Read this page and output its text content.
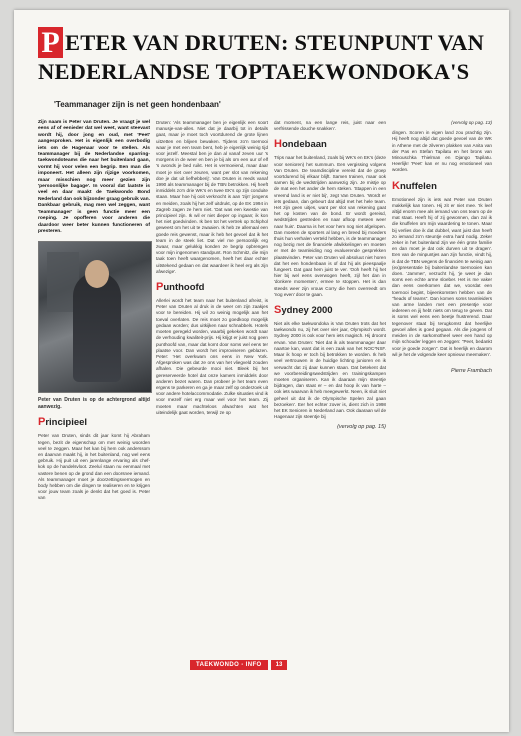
P ETER VAN DRUTEN: STEUNPUNT VAN
NEDERLANDSE TOPTAEKWONDOKA'S
'Teammanager zijn is net geen hondenbaan'

Zijn naam is Peter van Druten. Je vraagt je wel eens af of eenieder dat wel weet, want steevast wordt hij, door jong en oud, met 'Peet' aangesproken. Het is eigenlijk een overbodig iets om de Hagenaar voor te stellen. Als teammanager bij de Nederlandse sparring-taekwondoteams die naar het buitenland gaan, vormt hij voor velen een begrip. Een man die imponeert. Het alleen zijn rijzige voorkomen, maar misschien nog meer gezien zijn 'persoonlijke bagage'. In vooral dat laatste is veel en daar maakt de Taekwondo Bond Nederland dan ook bijzonder graag gebruik van. Dankbaar gebruik, mag men wel zeggen, want 'teammanager' is geen functie meer een roeping. Je opofferen voor anderen die daardoor weer beter kunnen functioneren of presteren.

Peter van Druten is op de achtergrond altijd aanwezig.
Principieel

Peter van Druten, sinds dit jaar komt hij Abraham tegen, bezit de eigenschap om met weinig woorden veel te zeggen. Maar het kan bij hem ook anderssom en daarvan maakt hij, in het buitenland, nog wel eens gebruik. Hij puit uit een jarenlange ervaring als chef-kok op de handelsvloot. Zeeluí staan nu eenmaal met vastere benen op de grond dan een doorsnee iemand. Als teammanager moet je doorzettingsvermogen en body hebben om die dingen te realiseren en te krijgen voor jouw team zoals je denkt dat het goed is. Peter van

Druten: 'Als teammanager ben je eigenlijk een soort manusje-van-alles. Niet dat je daarbij tot in details gaat, maar je moet toch voortdurend de grote lijnen uitzetten en blijven bewaken. Tijdens zo'n toernooi waar je met een team bent, heb je eigenlijk weinig tijd voor jezelf. Meestal ben je dan al vanaf zeven uur 's morgens in de weer en ben je bij als om een uur of elf 's avonds je bed ruikt. Het is vermoeiend, maar daar moet je niet over zeuren, want per slot van rekening doe je dat uit liefhebberij'. Van Druten is reeds vanaf 1990 als teammanager bij de TBN betrokken. Hij heeft inmiddels zo'n drie WK's en twee EK's op zijn conduite staan. Maar hoe hij ooit verknocht is aan 'zijn' jongens en meiden, zoals hij het zelf uitdrukt, op de EK 1994 in Zagreb zagen ze hem niet. 'Dat was een kwestie van principieel zijn. Ik wil er niet dieper op ingaan; ik kon het niet goedvinden. Ik ben tot het vertrek op Schiphol geweest om het uit te zwaaien. Ik heb ze allemaal een goede reis gewenst, maar ik heb het gevoel dat ik het team in de steek liet. Dat viel me persoonlijk erg zwaar, maar gelukkig konden ze begrip opbrengen voor mijn ingenomen standpunt. Ron Schmitz, die mijn taak toen heeft waargenomen, heeft het daar echter uitstekend gedaan en dat waardeer ik heel erg als zijn afwezige'.

Punthoofd

Allerlei wordt het team naar het buitenland afreist, is Peter van Druten al druk in de weer om zijn zaakjes voor te bereiden. Hij wil zo weinig mogelijk aan het toeval overlaten. De reis moet zo goedkoop mogelijk gedaan worden; dus uitkijken naar schnabbels. Hotels moeten geregeld worden, waarbij gekeken wordt naar de verhouding kwaliteit-prijs. Hij krijgt er juist nog geen punthoofd van, maar dat komt door soms wel eens ter plaatse voor. Dan wordt het improviseren geblazen. Peter: 'Het overkwam ons eens in New York. Afgesproken was dat ze ons van het vliegveld zouden afhalen. Die gebeurde mooi niet. Bleek bij het gereserveerde hotel dat onze kamers inmiddels door anderen bezet waren. Dan probeer je het team even ergens te parkeren en ga je maar zelf op onderzoek uit voor andere hotelaccommodatie. Zulke situaties vind ik voor mezelf niet erg maar wel voor het team. Zij moeten maar machteloos afwachten wat het uiteindelijk gaat worden, terwijl ze op

dat moment, na een lange reis, juist naar een verfrissende douche snakken'.

Hondebaan

Trips naar het buitenland, zoals bij WK's en EK's (deze voor senioren) het summum. Een vergissing volgens Van Druten. De teamdiscipline vereist dat de groep voortdurend bij elkaar blijft. Samen trainen, maar ook samen bij de wedstrijden aanwezig zijn. Je mistje op de mat een het ander de hem steken. 'Stappen in een vreemd land is er niet bij', zegt Van Druten. 'Wordt er iets gedaan, dan gebeurt dat altijd met het hele team. Het zijn geen uitjes, want per slot van rekening gaat het op kosten van de bond. Er wordt gereisd, wedstrijden gestreden en naar afloop meteen weer naar huis'. Daarna is het voor hem nog niet afgelopen. Dan moeten de sporters al lang en breed bij moeders thuis hun verhalen verteld hebben, is de teammanager nog bezig met de financiële afwikkelingen en moeten er met de teamleiding nog evaluerende gesprekken plaatsvinden. Peter van Druten wil absoluut niet horen dat het een hondenbaan is of dat hij als pieespaalje fungeert. Dat gaat hem juist te ver. 'Ooh heeft hij het hier bij wel eens overwogen heeft, zijl het dan in 'donkere momenten', ermee te stoppen. Het is dan steeds weer zijn vrouw Corry die hem overreedt om 'nog even' door te gaan.

Sydney 2000

Niet als elke taekwondoka is Van Druten trots dat het taekwondo nu, zij het over vier jaar, Olympisch wordt. Sydney 2000 is ook voor hem iets magisch. Hij droomt ervan. Van Druten: 'Niet dat ik als teammanager daar naartoe kan, want dat is een zaak van het NOC*NSF. Maar ik hoop er toch bij betrokken te worden. Ik heb veel vertrouwen in de huidige lichting junioren en ik verwacht dat zij daar kunnen staan. Dat betekent dat we voorbereidingswedstrijden en trainingskampen moeten organiseren. Kan ik daaraan mijn steentje bijdragen, dan staat er – en dat hoop ik van harte – ook iets waarvan ik heb meegewerkt. Neen, ik sluit niet geheel uit dat ik de Olympische Spelen zal gaan bezoeken'. Eer het echter zover is, dient zich in 1998 het EK Senioren in Nederland aan. Ook daaraan wil de Hagenaar zijn steentje bij

(vervolg op pag. 15)
TAEKWONDO - INFO	13
(vervolg op pag. 13)

dingen. Scoren in eigen land zou prachtig zijn. Hij heeft nog altijd dat goede gevoel van de WK in Athene met de zilveren plakken van Anita van der Pas en Stefan Tapilatu en het brons van Minouschka Thielman en Django Tapilatu. Heerlijk! 'Peet' kan er nu nog emotioneel van worden.

Knuffelen

Emotioneel zijn is iets wat Peter van Druten makkelijk kan tonen. Hij zit er niet mee. 'Ik leef altijd enorm mee als iemand van ons team op de mat staat. Heeft hij of zij gewonnen, dan zal ik die knuffelen om mijn waardering te tonen. Maar bij verlies doe ik dat dubbel, want juist dan heeft zo iemand zo'n steuntje extra hard nodig. Zeker zeker in het buitenland zijn we één grote familie en dan moet je dat ook durven uit te dragen'. Een van de minpuntjes aan zijn functie, vindt hij, is dat de TBN wegens de financiën te weinig aan (ex)presentatie bij buitenlandse toernooien kan doen. 'Jammer', verzucht hij, 'je weet je dan soms een echte arme sloeber. Het is me vaker dan eens overkomen dat we, voordat een toernooi begint, bijeenkomsten hebben van de "heads of teams". Dan komen soms teamleiders van arme landen met een presentje voor iedereen en jij hebt niets om terug te geven. Dat is soms wel eens een beetje frustrerend. Daar tegenover staat bij terugkomst dat heerlijke gevoel alles is goed gegaan. Als die jongens of meiden in de sarkomotheel weer een hand op mijn schouder leggen en zeggen: "Peet, bedankt voor je goede zorgen". Dat is heerlijk en daarom wil je het de volgende keer opnieuw meemaken'.

Pierre Frambach
